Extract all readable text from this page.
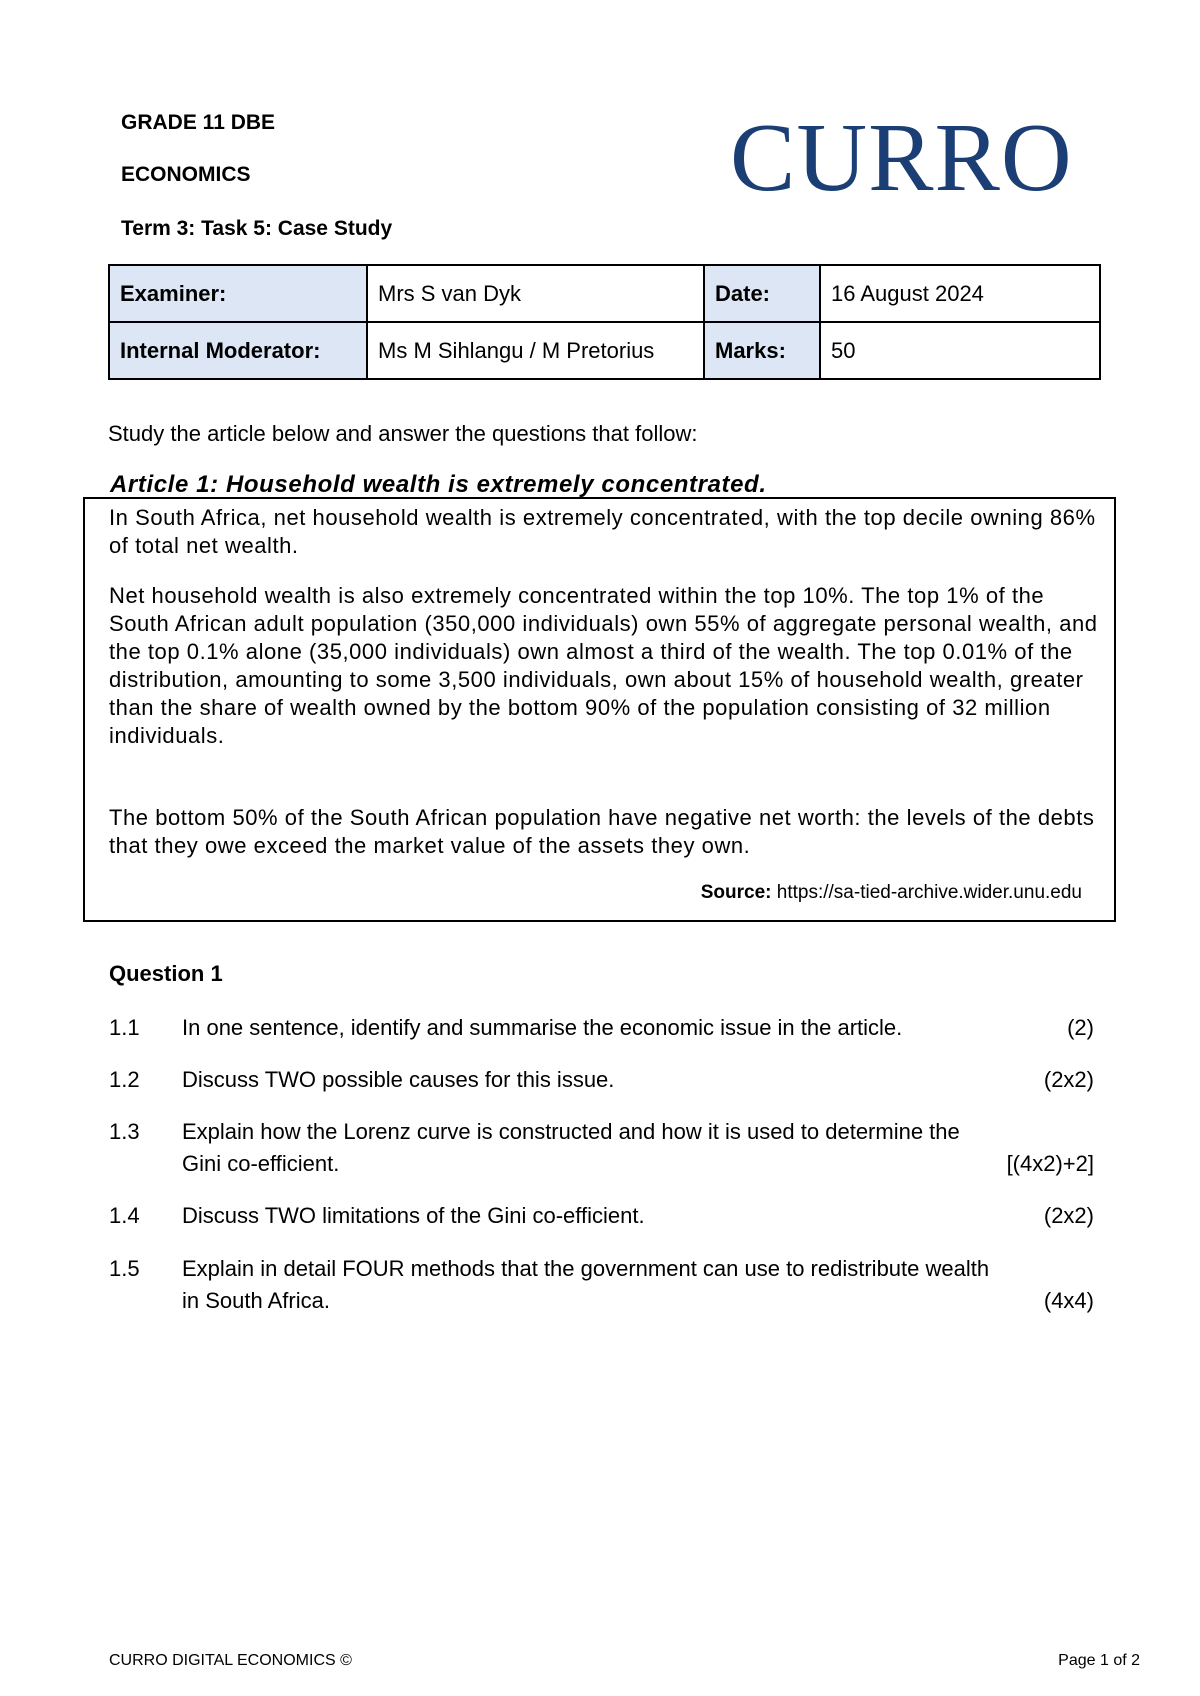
GRADE 11 DBE
ECONOMICS
Term 3: Task 5: Case Study
CURRO
Examiner:	Mrs S van Dyk	Date:	16 August 2024
Internal Moderator:	Ms M Sihlangu / M Pretorius	Marks:	50
Study the article below and answer the questions that follow:
Article 1: Household wealth is extremely concentrated.

In South Africa, net household wealth is extremely concentrated, with the top decile owning 86% of total net wealth.

Net household wealth is also extremely concentrated within the top 10%. The top 1% of the South African adult population (350,000 individuals) own 55% of aggregate personal wealth, and the top 0.1% alone (35,000 individuals) own almost a third of the wealth. The top 0.01% of the distribution, amounting to some 3,500 individuals, own about 15% of household wealth, greater than the share of wealth owned by the bottom 90% of the population consisting of 32 million individuals.

The bottom 50% of the South African population have negative net worth: the levels of the debts that they owe exceed the market value of the assets they own.

Source: https://sa-tied-archive.wider.unu.edu
Question 1
1.1 In one sentence, identify and summarise the economic issue in the article.	(2)
1.2 Discuss TWO possible causes for this issue.	(2x2)
1.3 Explain how the Lorenz curve is constructed and how it is used to determine the Gini co-efficient.	[(4x2)+2]
1.4 Discuss TWO limitations of the Gini co-efficient.	(2x2)
1.5 Explain in detail FOUR methods that the government can use to redistribute wealth in South Africa.	(4x4)
CURRO DIGITAL ECONOMICS ©	Page 1 of 2
